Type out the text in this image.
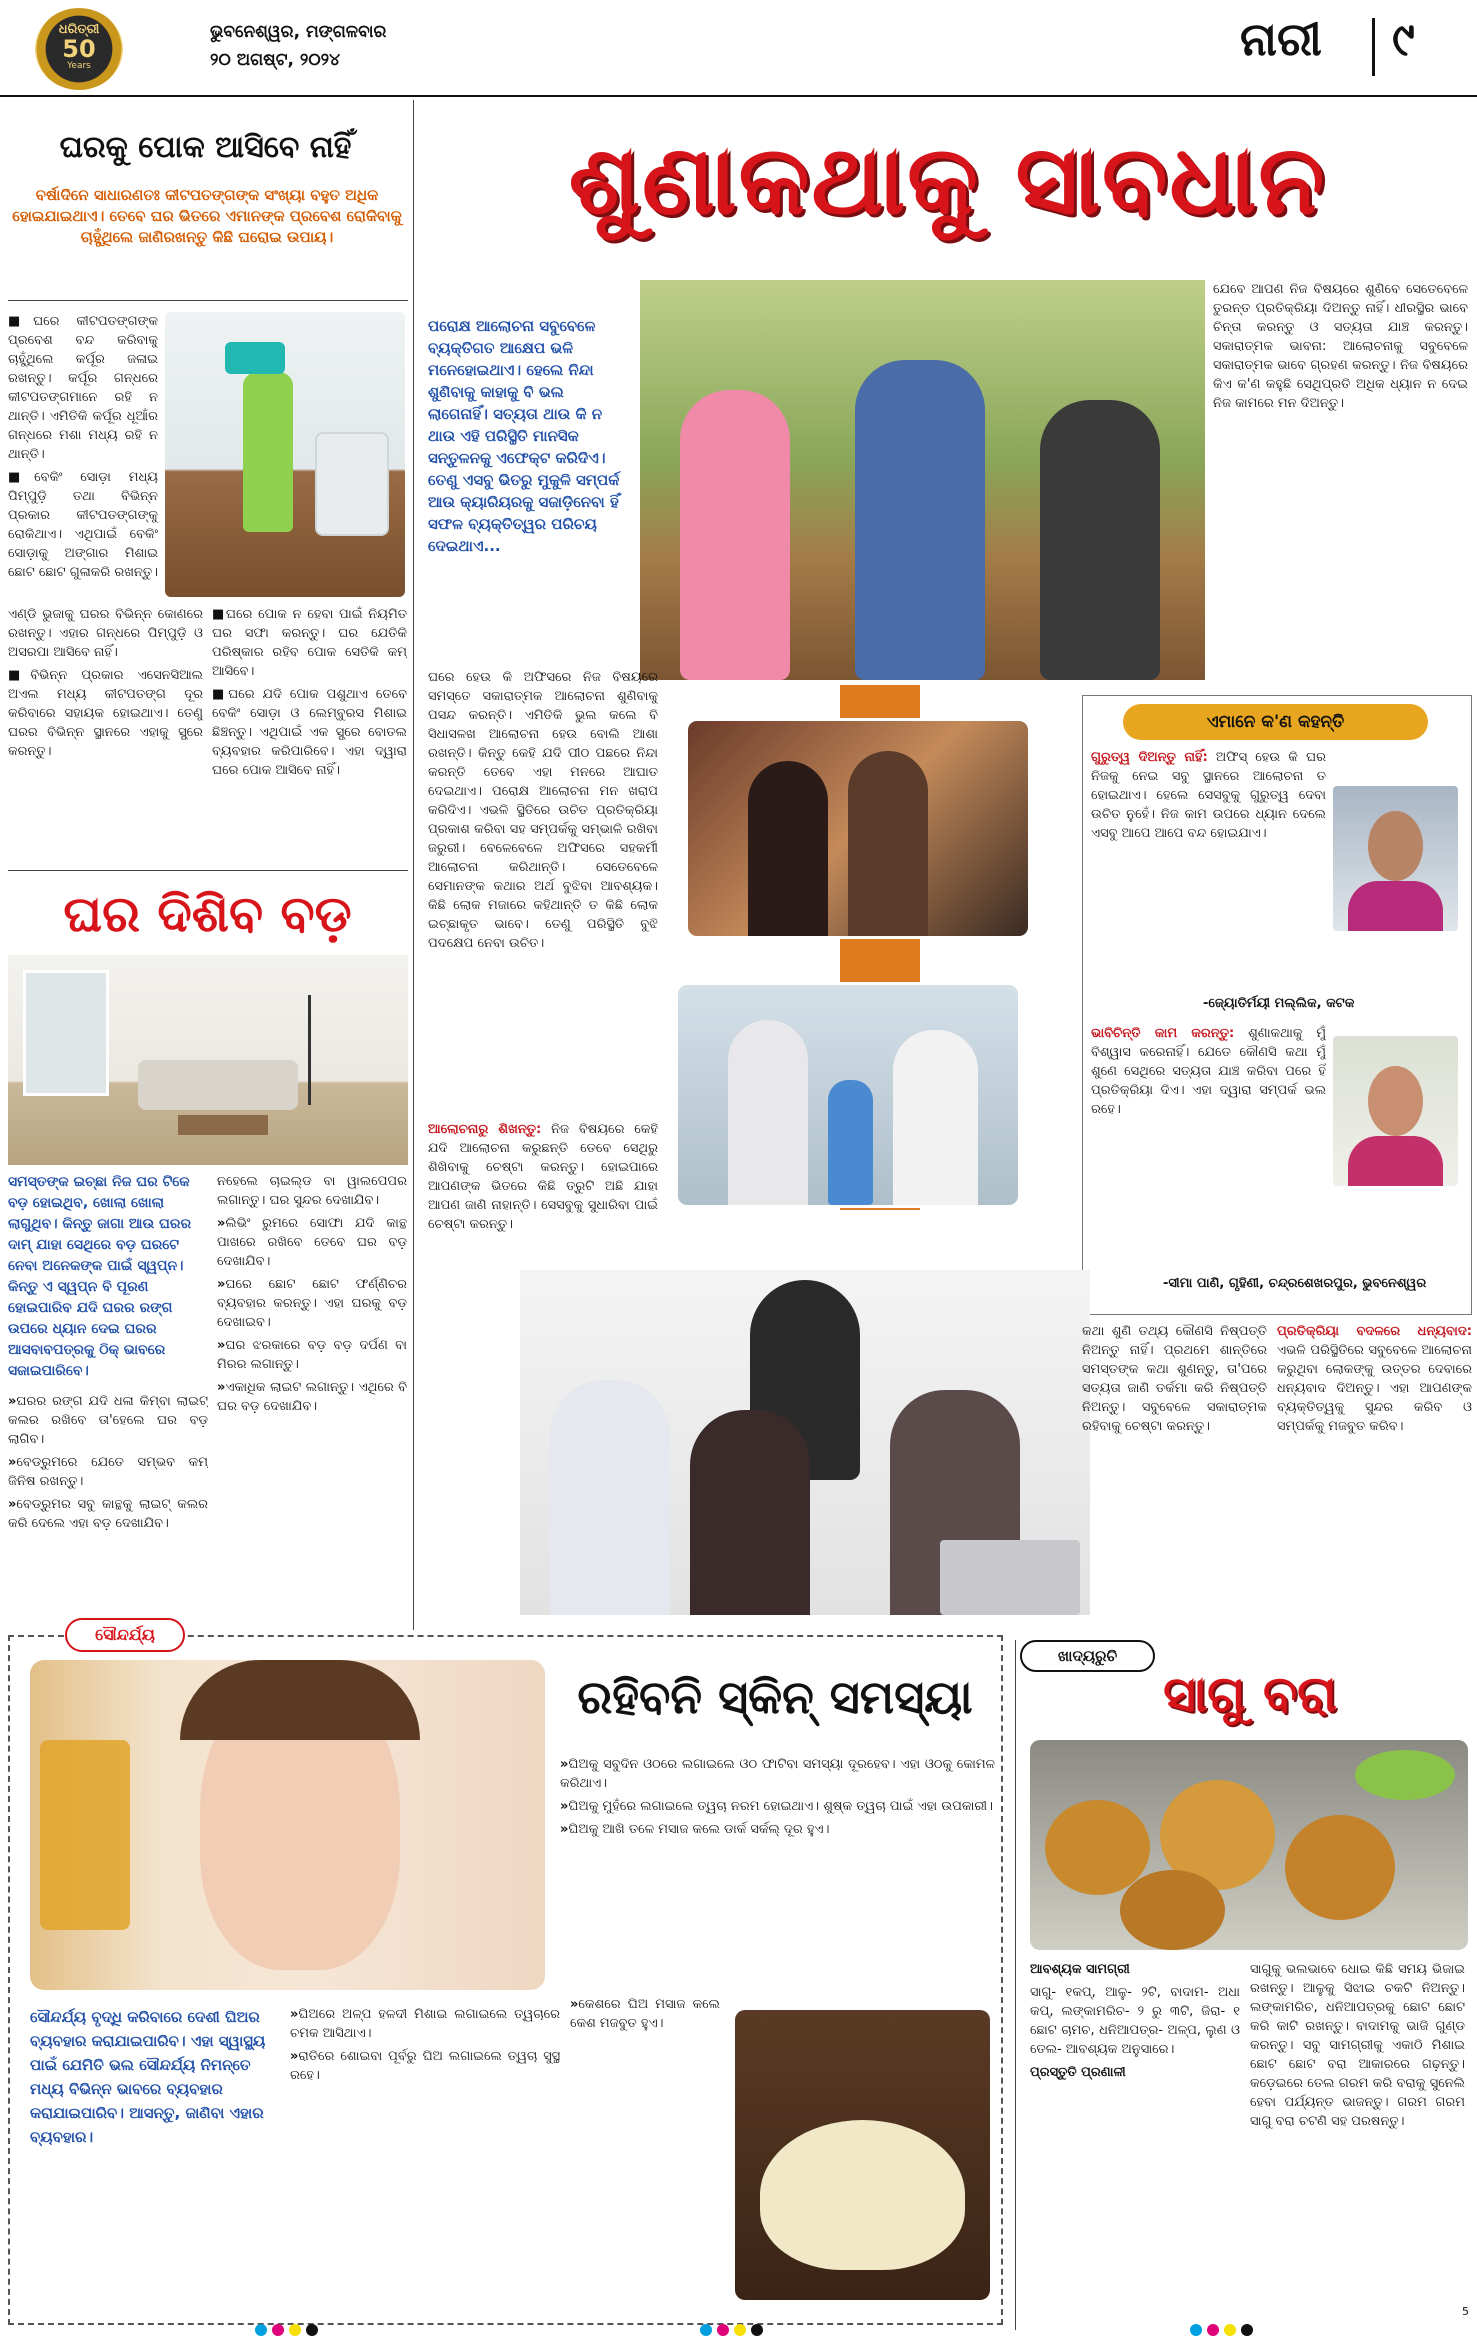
ଧରିତ୍ରୀ
50
Years
ଭୁବନେଶ୍ୱର, ମଙ୍ଗଳବାର
୨୦ ଅଗଷ୍ଟ, ୨୦୨୪	ନାରୀ ୯
ଘରକୁ ପୋକ ଆସିବେ ନାହିଁ
ବର୍ଷାଦିନେ ସାଧାରଣତଃ କୀଟପତଙ୍ଗଙ୍କ ସଂଖ୍ୟା ବହୁତ ଅଧିକ ହୋଇଯାଇଥାଏ। ତେବେ ଘର ଭିତରେ ଏମାନଙ୍କ ପ୍ରବେଶ ରୋକିବାକୁ ଚାହୁଁଥିଲେ ଜାଣିରଖନ୍ତୁ କିଛି ଘରୋଇ ଉପାୟ।

■ ଘରେ କୀଟପତଙ୍ଗଙ୍କ ପ୍ରବେଶ ବନ୍ଦ କରିବାକୁ ଚାହୁଁଥିଲେ କର୍ପୂର ଜଳାଇ ରଖନ୍ତୁ। କର୍ପୂର ଗନ୍ଧରେ କୀଟପତଙ୍ଗମାନେ ରହି ନ ଥାନ୍ତି। ଏମିତିକି କର୍ପୂର ଧୂଆଁର ଗନ୍ଧରେ ମଶା ମଧ୍ୟ ରହି ନ ଥାନ୍ତି।

■ ବେକିଂ ସୋଡ଼ା ମଧ୍ୟ ପିମ୍ପୁଡ଼ି ତଥା ବିଭିନ୍ନ ପ୍ରକାର କୀଟପତଙ୍ଗଙ୍କୁ ରୋକିଥାଏ। ଏଥିପାଇଁ ବେକିଂ ସୋଡ଼ାକୁ ଅଙ୍ଗାର ମିଶାଇ ଛୋଟ ଛୋଟ ଗୁଳାକରି ରଖନ୍ତୁ।

ଏଣ୍ଡି ଭୁଜାକୁ ଘରର ବିଭିନ୍ନ କୋଣରେ ରଖନ୍ତୁ। ଏହାର ଗନ୍ଧରେ ପିମ୍ପୁଡ଼ି ଓ ଅସରପା ଆସିବେ ନାହିଁ।

■ ବିଭିନ୍ନ ପ୍ରକାର ଏସେନସିଆଲ ଅଏଲ ମଧ୍ୟ କୀଟପତଙ୍ଗ ଦୂର କରିବାରେ ସହାୟକ ହୋଇଥାଏ। ତେଣୁ ଘରର ବିଭିନ୍ନ ସ୍ଥାନରେ ଏହାକୁ ସ୍ପ୍ରେ କରନ୍ତୁ।

■ ଘରେ ପୋକ ନ ହେବା ପାଇଁ ନିୟମିତ ଘର ସଫା କରନ୍ତୁ। ଘର ଯେତିକି ପରିଷ୍କାର ରହିବ ପୋକ ସେତିକି କମ୍ ଆସିବେ।

■ ଘରେ ଯଦି ପୋକ ପଶୁଥାଏ ତେବେ ବେକିଂ ସୋଡ଼ା ଓ ଲେମ୍ବୁରସ ମିଶାଇ ଛିଞ୍ଚନ୍ତୁ। ଏଥିପାଇଁ ଏକ ସ୍ପ୍ରେ ବୋତଲ ବ୍ୟବହାର କରିପାରିବେ। ଏହା ଦ୍ୱାରା ଘରେ ପୋକ ଆସିବେ ନାହିଁ।

ଘର ଦିଶିବ ବଡ଼
ସମସ୍ତଙ୍କ ଇଚ୍ଛା ନିଜ ଘର ଟିକେ ବଡ଼ ହୋଇଥିବ, ଖୋଲା ଖୋଲା ଲାଗୁଥିବ। କିନ୍ତୁ ଜାଗା ଆଉ ଘରର ଦାମ୍ ଯାହା ସେଥିରେ ବଡ଼ ଘରଟେ ନେବା ଅନେକଙ୍କ ପାଇଁ ସ୍ୱପ୍ନ। କିନ୍ତୁ ଏ ସ୍ୱପ୍ନ ବି ପୂରଣ ହୋଇପାରିବ ଯଦି ଘରର ରଙ୍ଗ ଉପରେ ଧ୍ୟାନ ଦେଇ ଘରର ଆସବାବପତ୍ରକୁ ଠିକ୍ ଭାବରେ ସଜାଇପାରିବେ।

» ଘରର ରଙ୍ଗ ଯଦି ଧଳା କିମ୍ବା ଲାଇଟ୍ କଲର ରଖିବେ ତା'ହେଲେ ଘର ବଡ଼ ଲାଗିବ।

» ବେଡ୍‌ରୁମରେ ଯେତେ ସମ୍ଭବ କମ୍ ଜିନିଷ ରଖନ୍ତୁ।

» ବେଡ୍‌ରୁମର ସବୁ କାନ୍ଥକୁ ଲାଇଟ୍ କଲର କରି ଦେଲେ ଏହା ବଡ଼ ଦେଖାଯିବ।

ନହେଲେ ଚାଇଲ୍ଡ ବା ୱାଲପେପର ଲଗାନ୍ତୁ। ଘର ସୁନ୍ଦର ଦେଖାଯିବ।

» ଲିଭିଂ ରୁମରେ ସୋଫା ଯଦି କାନ୍ଥ ପାଖରେ ରଖିବେ ତେବେ ଘର ବଡ଼ ଦେଖାଯିବ।

» ଘରେ ଛୋଟ ଛୋଟ ଫର୍ଣ୍ଣିଚର ବ୍ୟବହାର କରନ୍ତୁ। ଏହା ଘରକୁ ବଡ଼ ଦେଖାଇବ।

» ଘର ଝରକାରେ ବଡ଼ ବଡ଼ ଦର୍ପଣ ବା ମିରର ଲଗାନ୍ତୁ।

» ଏକାଧିକ ଲାଇଟ ଲଗାନ୍ତୁ। ଏଥିରେ ବି ଘର ବଡ଼ ଦେଖାଯିବ।

ଶୁଣାକଥାକୁ ସାବଧାନ
ପରୋକ୍ଷ ଆଲୋଚନା ସବୁବେଳେ ବ୍ୟକ୍ତିଗତ ଆକ୍ଷେପ ଭଳି ମନେହୋଇଥାଏ। ହେଲେ ନିନ୍ଦା ଶୁଣିବାକୁ କାହାକୁ ବି ଭଲ ଲାଗେନାହିଁ। ସତ୍ୟତା ଥାଉ କି ନ ଥାଉ ଏହି ପରିସ୍ଥିତି ମାନସିକ ସନ୍ତୁଳନକୁ ଏଫେକ୍ଟ କରିଦିଏ। ତେଣୁ ଏସବୁ ଭିତରୁ ମୁକୁଳି ସମ୍ପର୍କ ଆଉ କ୍ୟାରିୟରକୁ ସଜାଡ଼ିନେବା ହିଁ ସଫଳ ବ୍ୟକ୍ତିତ୍ୱର ପରିଚୟ ଦେଇଥାଏ...

ଯେବେ ଆପଣ ନିଜ ବିଷୟରେ ଶୁଣିବେ ସେତେବେଳେ ତୁରନ୍ତ ପ୍ରତିକ୍ରିୟା ଦିଅନ୍ତୁ ନାହିଁ। ଧୀରସ୍ଥିର ଭାବେ ଚିନ୍ତା କରନ୍ତୁ ଓ ସତ୍ୟତା ଯାଞ୍ଚ କରନ୍ତୁ। ସକାରାତ୍ମକ ଭାବନା: ଆଲୋଚନାକୁ ସବୁବେଳେ ସକାରାତ୍ମକ ଭାବେ ଗ୍ରହଣ କରନ୍ତୁ। ନିଜ ବିଷୟରେ କିଏ କ'ଣ କହୁଛି ସେଥିପ୍ରତି ଅଧିକ ଧ୍ୟାନ ନ ଦେଇ ନିଜ କାମରେ ମନ ଦିଅନ୍ତୁ।

ଘରେ ହେଉ କି ଅଫିସରେ ନିଜ ବିଷୟରେ ସମସ୍ତେ ସକାରାତ୍ମକ ଆଲୋଚନା ଶୁଣିବାକୁ ପସନ୍ଦ କରନ୍ତି। ଏମିତିକି ଭୁଲ କଲେ ବି ସିଧାସଳଖ ଆଲୋଚନା ହେଉ ବୋଲି ଆଶା ରଖନ୍ତି। କିନ୍ତୁ କେହି ଯଦି ପୀଠ ପଛରେ ନିନ୍ଦା କରନ୍ତି ତେବେ ଏହା ମନରେ ଆଘାତ ଦେଇଥାଏ। ପରୋକ୍ଷ ଆଲୋଚନା ମନ ଖରାପ କରିଦିଏ। ଏଭଳି ସ୍ଥିତିରେ ଉଚିତ ପ୍ରତିକ୍ରିୟା ପ୍ରକାଶ କରିବା ସହ ସମ୍ପର୍କକୁ ସମ୍ଭାଳି ରଖିବା ଜରୁରୀ। ବେଳେବେଳେ ଅଫିସରେ ସହକର୍ମୀ ଆଲୋଚନା କରିଥାନ୍ତି। ସେତେବେଳେ ସେମାନଙ୍କ କଥାର ଅର୍ଥ ବୁଝିବା ଆବଶ୍ୟକ। କିଛି ଲୋକ ମଜାରେ କହିଥାନ୍ତି ତ କିଛି ଲୋକ ଇଚ୍ଛାକୃତ ଭାବେ। ତେଣୁ ପରିସ୍ଥିତି ବୁଝି ପଦକ୍ଷେପ ନେବା ଉଚିତ।

ଆଲୋଚନାରୁ ଶିଖନ୍ତୁ: ନିଜ ବିଷୟରେ କେହି ଯଦି ଆଲୋଚନା କରୁଛନ୍ତି ତେବେ ସେଥିରୁ ଶିଖିବାକୁ ଚେଷ୍ଟା କରନ୍ତୁ। ହୋଇପାରେ ଆପଣଙ୍କ ଭିତରେ କିଛି ତ୍ରୁଟି ଅଛି ଯାହା ଆପଣ ଜାଣି ନାହାନ୍ତି। ସେସବୁକୁ ସୁଧାରିବା ପାଇଁ ଚେଷ୍ଟା କରନ୍ତୁ।

ଏମାନେ କ'ଣ କହନ୍ତି

ଗୁରୁତ୍ୱ ଦିଅନ୍ତୁ ନାହିଁ: ଅଫିସ୍ ହେଉ କି ଘର ନିଜକୁ ନେଇ ସବୁ ସ୍ଥାନରେ ଆଲୋଚନା ତ ହୋଇଥାଏ। ହେଲେ ସେସବୁକୁ ଗୁରୁତ୍ୱ ଦେବା ଉଚିତ ନୁହେଁ। ନିଜ କାମ ଉପରେ ଧ୍ୟାନ ଦେଲେ ଏସବୁ ଆପେ ଆପେ ବନ୍ଦ ହୋଇଯାଏ।

-ଜ୍ୟୋତିର୍ମୟୀ ମଲ୍ଲିକ, କଟକ

ଭାବିଚିନ୍ତି କାମ କରନ୍ତୁ: ଶୁଣାକଥାକୁ ମୁଁ ବିଶ୍ୱାସ କରେନାହିଁ। ଯେତେ କୌଣସି କଥା ମୁଁ ଶୁଣେ ସେଥିରେ ସତ୍ୟତା ଯାଞ୍ଚ କରିବା ପରେ ହିଁ ପ୍ରତିକ୍ରିୟା ଦିଏ। ଏହା ଦ୍ୱାରା ସମ୍ପର୍କ ଭଲ ରହେ।

-ସୀମା ପାଣି, ଗୃହିଣୀ, ଚନ୍ଦ୍ରଶେଖରପୁର, ଭୁବନେଶ୍ୱର

କଥା ଶୁଣି ତଥ୍ୟ କୌଣସି ନିଷ୍ପତ୍ତି ନିଅନ୍ତୁ ନାହିଁ। ପ୍ରଥମେ ଶାନ୍ତିରେ ସମସ୍ତଙ୍କ କଥା ଶୁଣନ୍ତୁ, ତା'ପରେ ସତ୍ୟତା ଜାଣି ତର୍କମା କରି ନିଷ୍ପତ୍ତି ନିଅନ୍ତୁ। ସବୁବେଳେ ସକାରାତ୍ମକ ରହିବାକୁ ଚେଷ୍ଟା କରନ୍ତୁ।

ପ୍ରତିକ୍ରିୟା ବଦଳରେ ଧନ୍ୟବାଦ: ଏଭଳି ପରିସ୍ଥିତିରେ ସବୁବେଳେ ଆଲୋଚନା କରୁଥିବା ଲୋକଙ୍କୁ ଉତ୍ତର ଦେବାରେ ଧନ୍ୟବାଦ ଦିଅନ୍ତୁ। ଏହା ଆପଣଙ୍କ ବ୍ୟକ୍ତିତ୍ୱକୁ ସୁନ୍ଦର କରିବ ଓ ସମ୍ପର୍କକୁ ମଜବୁତ କରିବ।

ସୌନ୍ଦର୍ଯ୍ୟ
ରହିବନି ସ୍କିନ୍ ସମସ୍ୟା

» ଘିଅକୁ ସବୁଦିନ ଓଠରେ ଲଗାଇଲେ ଓଠ ଫାଟିବା ସମସ୍ୟା ଦୂରହେବ। ଏହା ଓଠକୁ କୋମଳ କରିଥାଏ।

» ଘିଅକୁ ମୁହଁରେ ଲଗାଇଲେ ତ୍ୱଚା ନରମ ହୋଇଥାଏ। ଶୁଷ୍କ ତ୍ୱଚା ପାଇଁ ଏହା ଉପକାରୀ।

» ଘିଅକୁ ଆଖି ତଳେ ମସାଜ କଲେ ଡାର୍କ ସର୍କଲ୍ ଦୂର ହୁଏ।

ସୌନ୍ଦର୍ଯ୍ୟ ବୃଦ୍ଧି କରିବାରେ ଦେଶୀ ଘିଅର ବ୍ୟବହାର କରାଯାଇପାରିବ। ଏହା ସ୍ୱାସ୍ଥ୍ୟ ପାଇଁ ଯେମିତି ଭଲ ସୌନ୍ଦର୍ଯ୍ୟ ନିମନ୍ତେ ମଧ୍ୟ ବିଭିନ୍ନ ଭାବରେ ବ୍ୟବହାର କରାଯାଇପାରିବ। ଆସନ୍ତୁ, ଜାଣିବା ଏହାର ବ୍ୟବହାର।

» ଘିଅରେ ଅଳ୍ପ ହଳଦୀ ମିଶାଇ ଲଗାଇଲେ ତ୍ୱଚାରେ ଚମକ ଆସିଥାଏ।

» ରାତିରେ ଶୋଇବା ପୂର୍ବରୁ ଘିଅ ଲଗାଇଲେ ତ୍ୱଚା ସୁସ୍ଥ ରହେ।

» କେଶରେ ଘିଅ ମସାଜ କଲେ କେଶ ମଜବୁତ ହୁଏ।

ଖାଦ୍ୟରୁଚି
ସାଗୁ ବରା

ଆବଶ୍ୟକ ସାମଗ୍ରୀ

ସାଗୁ- ୧କପ୍, ଆଳୁ- ୨ଟି, ବାଦାମ- ଅଧା କପ୍, ଲଙ୍କାମରିଚ- ୨ ରୁ ୩ଟି, ଜିରା- ୧ ଛୋଟ ଚାମଚ, ଧନିଆପତ୍ର- ଅଳ୍ପ, ଲୁଣ ଓ ତେଲ- ଆବଶ୍ୟକ ଅନୁସାରେ।

ପ୍ରସ୍ତୁତି ପ୍ରଣାଳୀ

ସାଗୁକୁ ଭଲଭାବେ ଧୋଇ କିଛି ସମୟ ଭିଜାଇ ରଖନ୍ତୁ। ଆଳୁକୁ ସିଝାଇ ଚକଟି ନିଅନ୍ତୁ। ଲଙ୍କାମରିଚ, ଧନିଆପତ୍ରକୁ ଛୋଟ ଛୋଟ କରି କାଟି ରଖନ୍ତୁ। ବାଦାମକୁ ଭାଜି ଗୁଣ୍ଡ କରନ୍ତୁ। ସବୁ ସାମଗ୍ରୀକୁ ଏକାଠି ମିଶାଇ ଛୋଟ ଛୋଟ ବରା ଆକାରରେ ଗଢ଼ନ୍ତୁ। କଡ଼େଇରେ ତେଲ ଗରମ କରି ବରାକୁ ସୁନେଲି ହେବା ପର୍ଯ୍ୟନ୍ତ ଭାଜନ୍ତୁ। ଗରମ ଗରମ ସାଗୁ ବରା ଚଟଣି ସହ ପରଷନ୍ତୁ।

5
